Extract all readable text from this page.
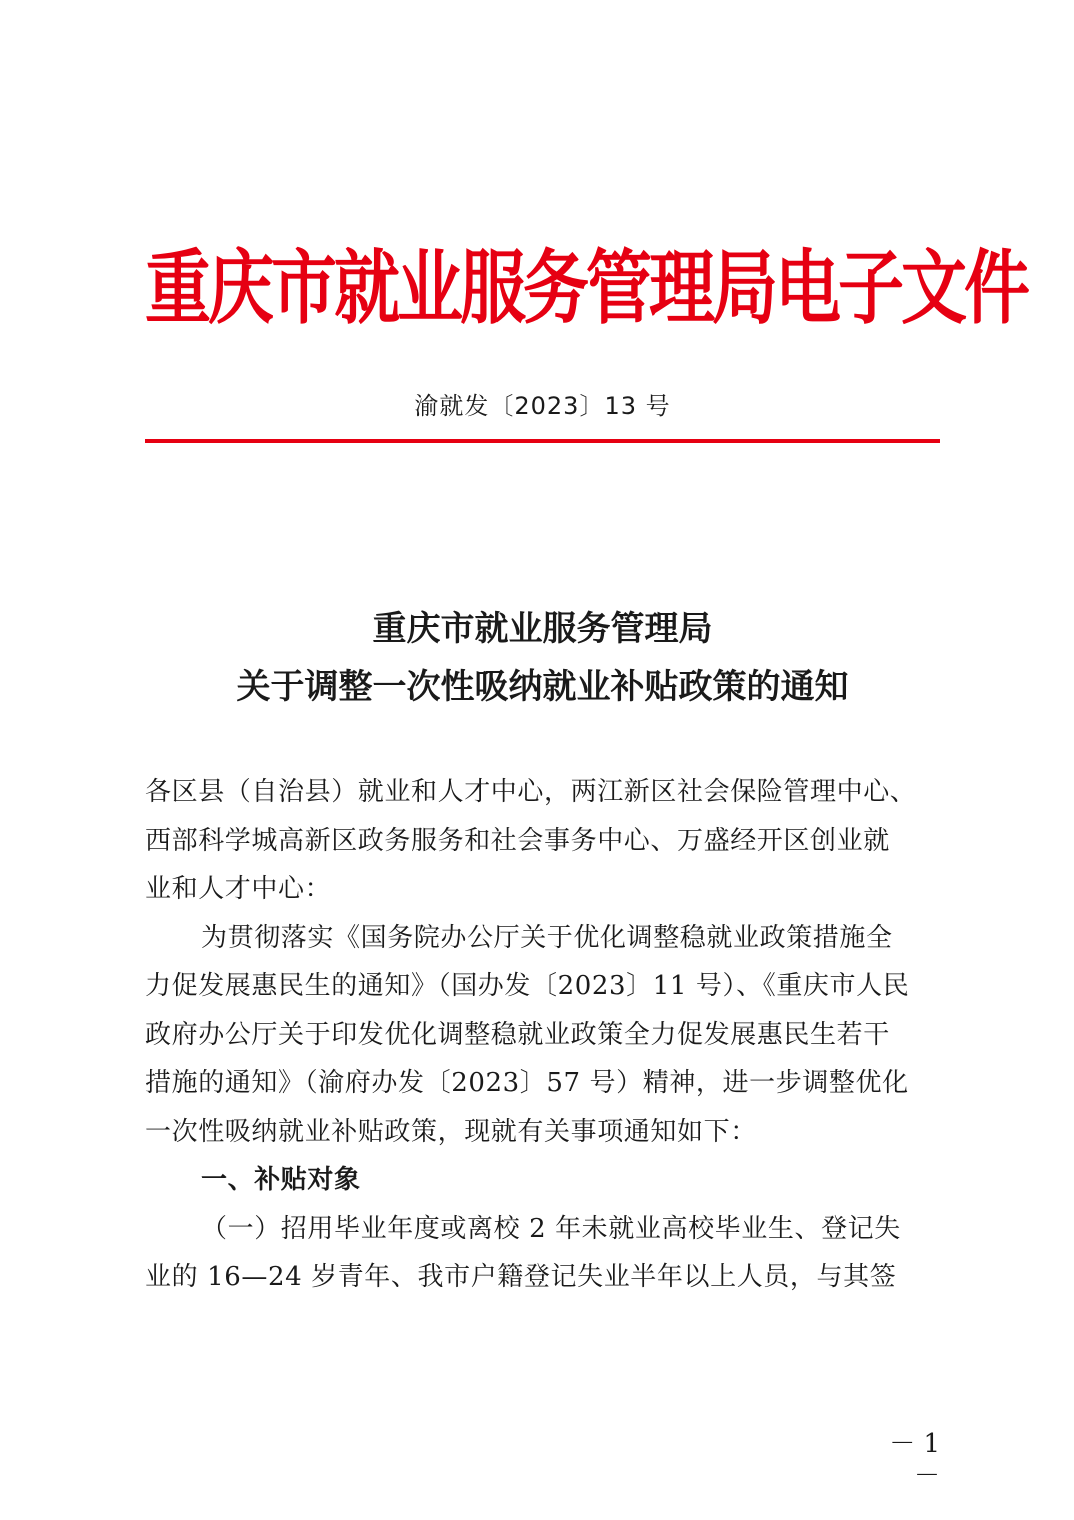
重庆市就业服务管理局电子文件
渝就发〔2023〕13 号
重庆市就业服务管理局
关于调整一次性吸纳就业补贴政策的通知

各区县（自治县）就业和人才中心，两江新区社会保险管理中心、

西部科学城高新区政务服务和社会事务中心、万盛经开区创业就

业和人才中心：

为贯彻落实《国务院办公厅关于优化调整稳就业政策措施全

力促发展惠民生的通知》（国办发〔2023〕11 号）、《重庆市人民

政府办公厅关于印发优化调整稳就业政策全力促发展惠民生若干

措施的通知》（渝府办发〔2023〕57 号）精神，进一步调整优化

一次性吸纳就业补贴政策，现就有关事项通知如下：

一、补贴对象

（一）招用毕业年度或离校 2 年未就业高校毕业生、登记失

业的 16—24 岁青年、我市户籍登记失业半年以上人员，与其签

－ 1 －
